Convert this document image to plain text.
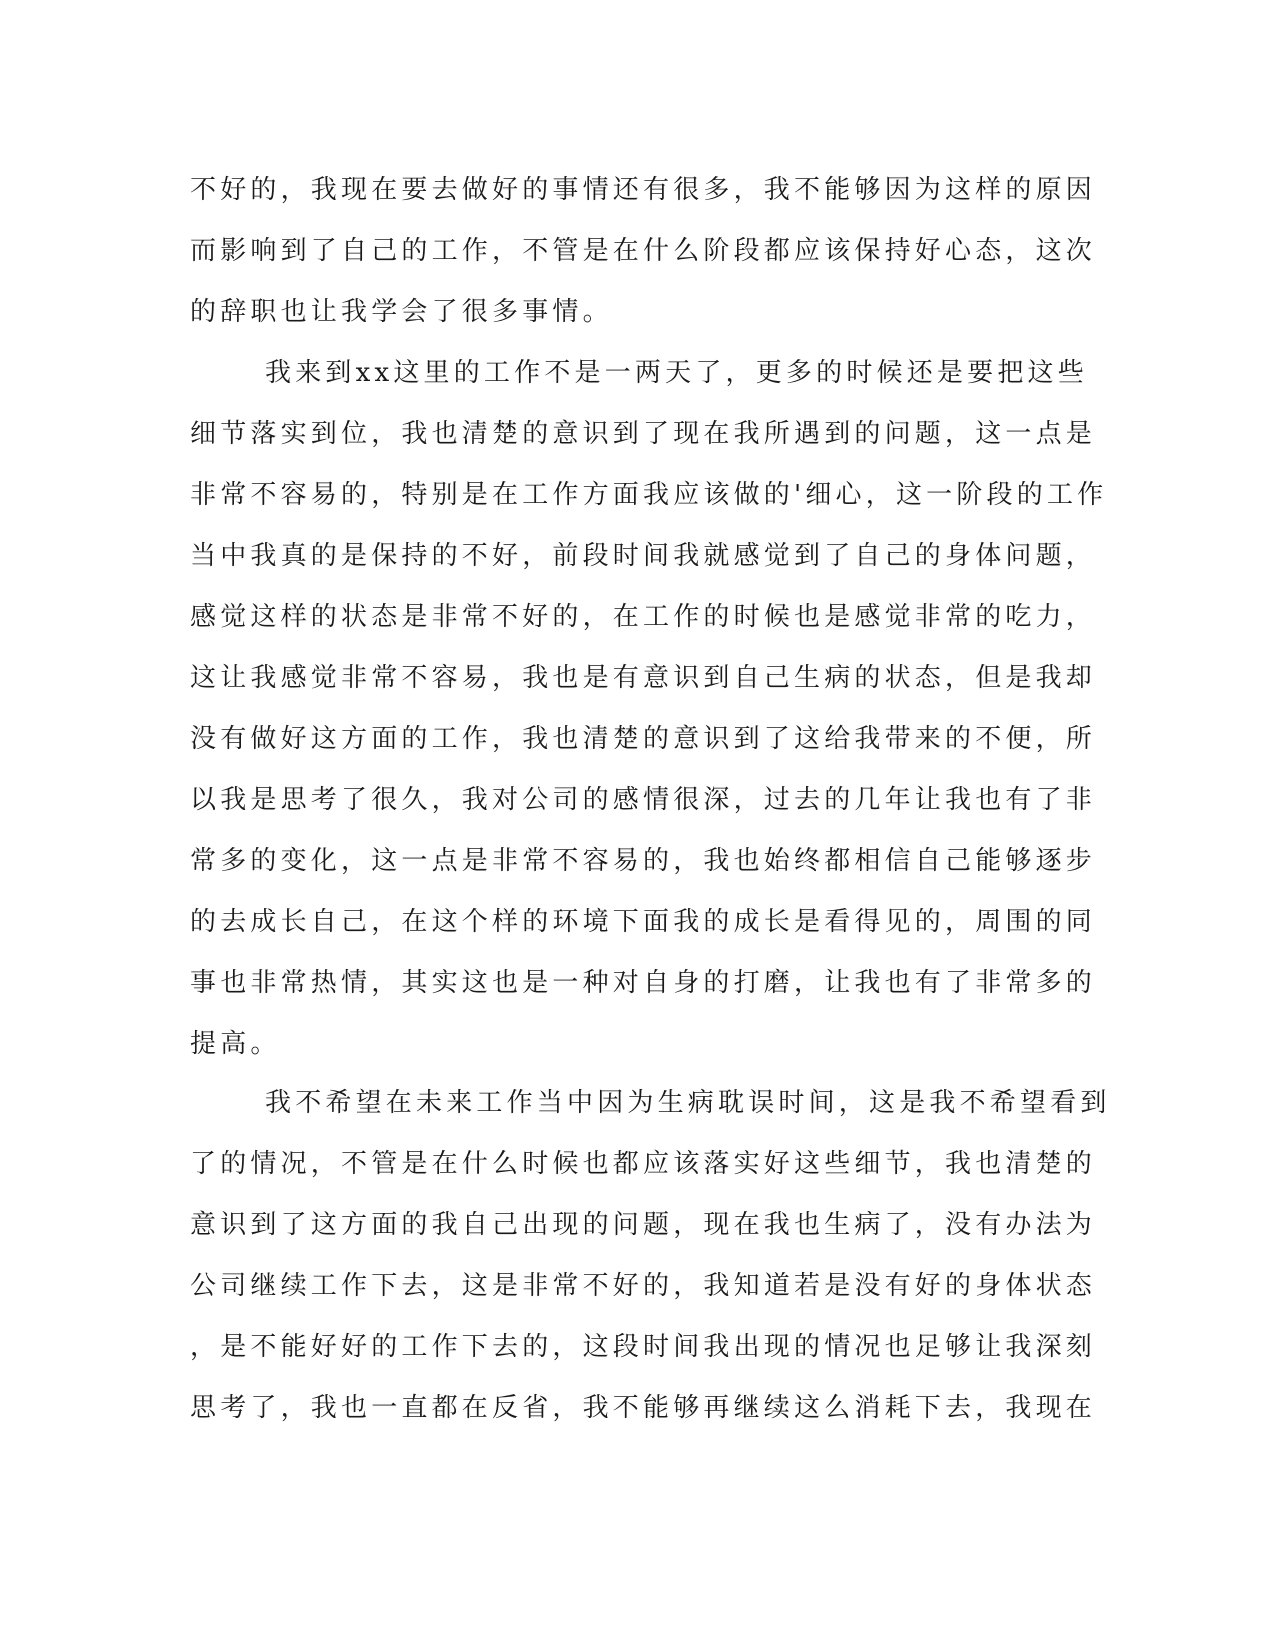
不好的，我现在要去做好的事情还有很多，我不能够因为这样的原因
而影响到了自己的工作，不管是在什么阶段都应该保持好心态，这次
的辞职也让我学会了很多事情。
我来到xx这里的工作不是一两天了，更多的时候还是要把这些
细节落实到位，我也清楚的意识到了现在我所遇到的问题，这一点是
非常不容易的，特别是在工作方面我应该做的'细心，这一阶段的工作
当中我真的是保持的不好，前段时间我就感觉到了自己的身体问题，
感觉这样的状态是非常不好的，在工作的时候也是感觉非常的吃力，
这让我感觉非常不容易，我也是有意识到自己生病的状态，但是我却
没有做好这方面的工作，我也清楚的意识到了这给我带来的不便，所
以我是思考了很久，我对公司的感情很深，过去的几年让我也有了非
常多的变化，这一点是非常不容易的，我也始终都相信自己能够逐步
的去成长自己，在这个样的环境下面我的成长是看得见的，周围的同
事也非常热情，其实这也是一种对自身的打磨，让我也有了非常多的
提高。
我不希望在未来工作当中因为生病耽误时间，这是我不希望看到
了的情况，不管是在什么时候也都应该落实好这些细节，我也清楚的
意识到了这方面的我自己出现的问题，现在我也生病了，没有办法为
公司继续工作下去，这是非常不好的，我知道若是没有好的身体状态
，是不能好好的工作下去的，这段时间我出现的情况也足够让我深刻
思考了，我也一直都在反省，我不能够再继续这么消耗下去，我现在
